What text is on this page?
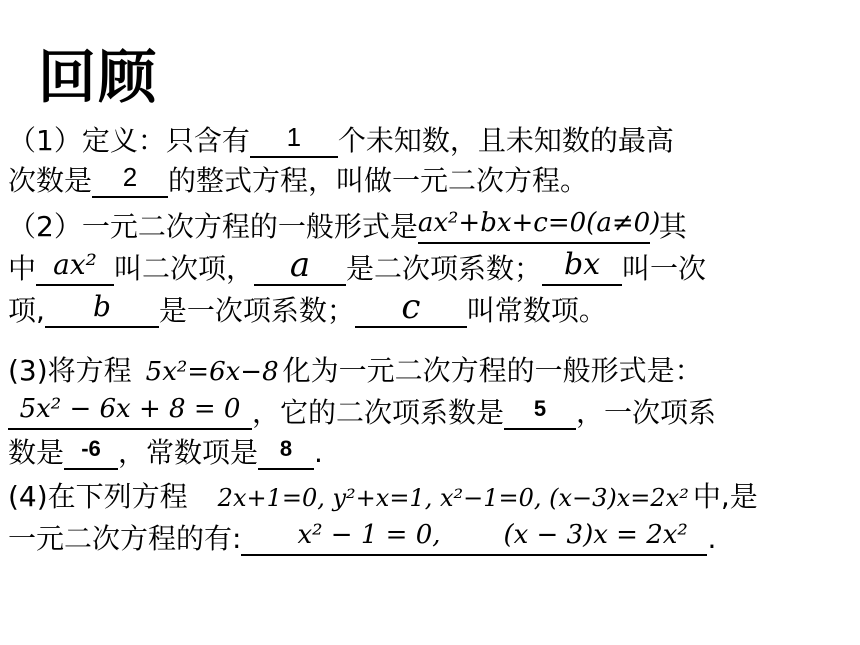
回顾
（1）定义：只含有	1	个未知数，且未知数的最高
次数是	2	的整式方程，叫做一元二次方程。
（2）一元二次方程的一般形式是 ax²+bx+c=0(a≠0)
其
中 ax² 叫二次项，	a	是二次项系数； bx 叫一次
项,	b	是一次项系数；	c	叫常数项。
(3)将方程 5x²=6x−8 化为一元二次方程的一般形式是：
5x² − 6x + 8 = 0 ，它的二次项系数是	5	，一次项系
数是 -6 ，常数项是 8 .
(4)在下列方程 2x+1=0, y²+x=1, x²−1=0, (x−3)x=2x² 中,是
一元二次方程的有: x² − 1 = 0,	(x − 3)x = 2x² .
